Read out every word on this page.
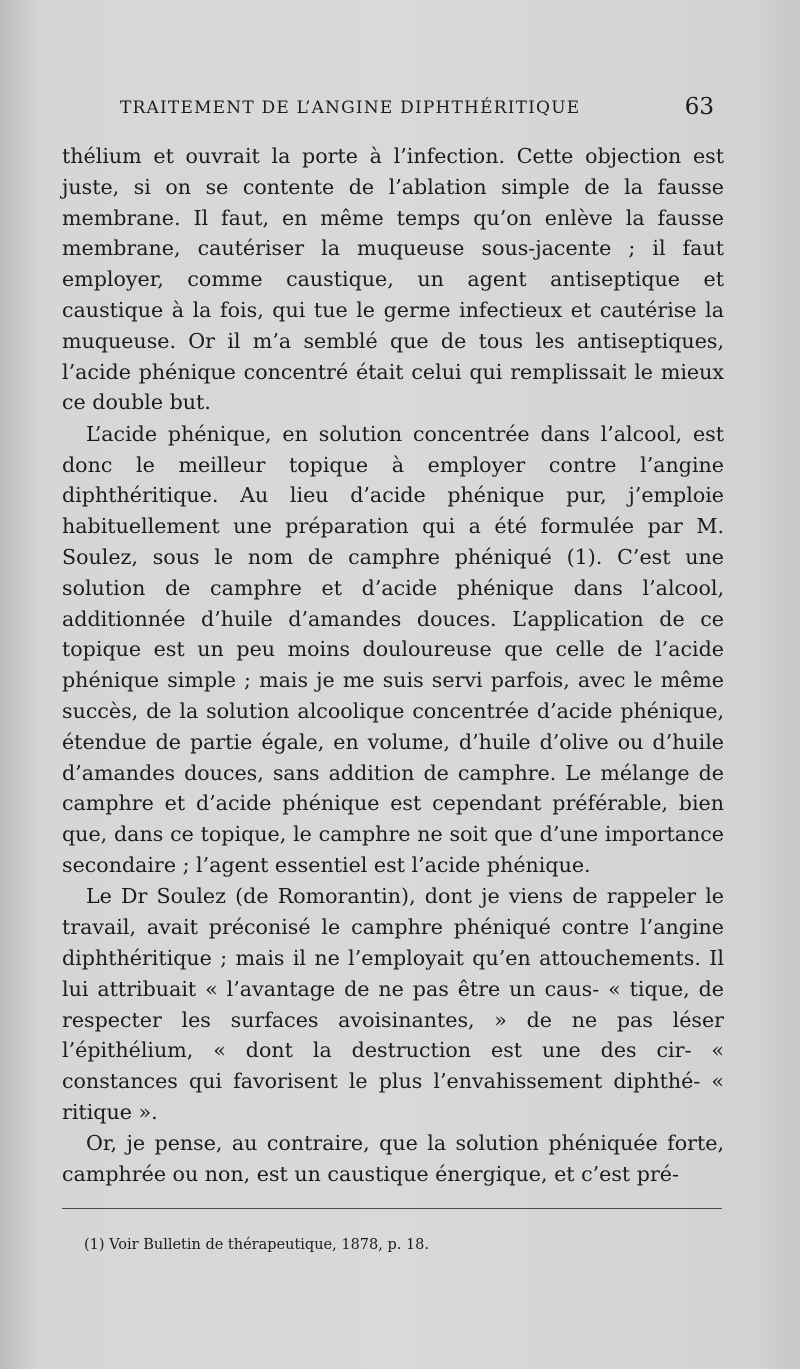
TRAITEMENT DE L’ANGINE DIPHTHÉRITIQUE	63

thélium et ouvrait la porte à l’infection. Cette objection est juste, si on se contente de l’ablation simple de la fausse membrane. Il faut, en même temps qu’on enlève la fausse membrane, cautériser la muqueuse sous-jacente ; il faut employer, comme caustique, un agent antiseptique et caustique à la fois, qui tue le germe infectieux et cautérise la muqueuse. Or il m’a semblé que de tous les antiseptiques, l’acide phénique concentré était celui qui remplissait le mieux ce double but.

L’acide phénique, en solution concentrée dans l’alcool, est donc le meilleur topique à employer contre l’angine diphthéritique. Au lieu d’acide phénique pur, j’emploie habituellement une préparation qui a été formulée par M. Soulez, sous le nom de camphre phéniqué (1). C’est une solution de camphre et d’acide phénique dans l’alcool, additionnée d’huile d’amandes douces. L’application de ce topique est un peu moins douloureuse que celle de l’acide phénique simple ; mais je me suis servi parfois, avec le même succès, de la solution alcoolique concentrée d’acide phénique, étendue de partie égale, en volume, d’huile d’olive ou d’huile d’amandes douces, sans addition de camphre. Le mélange de camphre et d’acide phénique est cependant préférable, bien que, dans ce topique, le camphre ne soit que d’une importance secondaire ; l’agent essentiel est l’acide phénique.

Le Dr Soulez (de Romorantin), dont je viens de rappeler le travail, avait préconisé le camphre phéniqué contre l’angine diphthéritique ; mais il ne l’employait qu’en attouchements. Il lui attribuait « l’avantage de ne pas être un caus- « tique, de respecter les surfaces avoisinantes, » de ne pas léser l’épithélium, « dont la destruction est une des cir- « constances qui favorisent le plus l’envahissement diphthé- « ritique ».

Or, je pense, au contraire, que la solution phéniquée forte, camphrée ou non, est un caustique énergique, et c’est pré-

(1) Voir Bulletin de thérapeutique, 1878, p. 18.
